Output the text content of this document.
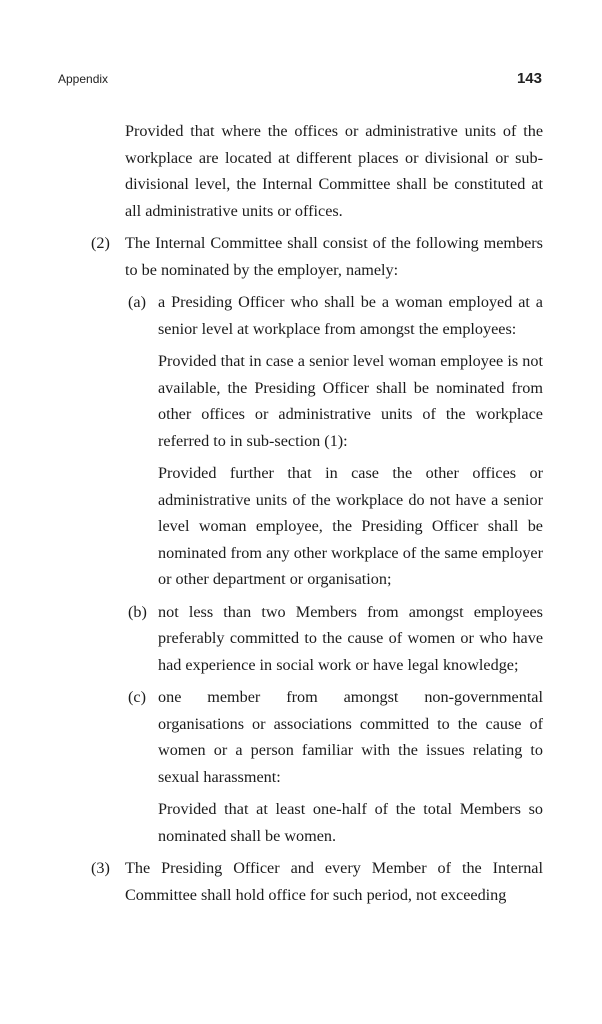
Appendix	143

Provided that where the offices or administrative units of the workplace are located at different places or divisional or sub-divisional level, the Internal Committee shall be constituted at all administrative units or offices.

(2) The Internal Committee shall consist of the following members to be nominated by the employer, namely:

(a) a Presiding Officer who shall be a woman employed at a senior level at workplace from amongst the employees:

Provided that in case a senior level woman employee is not available, the Presiding Officer shall be nominated from other offices or administrative units of the workplace referred to in sub-section (1):

Provided further that in case the other offices or administrative units of the workplace do not have a senior level woman employee, the Presiding Officer shall be nominated from any other workplace of the same employer or other department or organisation;

(b) not less than two Members from amongst employees preferably committed to the cause of women or who have had experience in social work or have legal knowledge;

(c) one member from amongst non-governmental organisations or associations committed to the cause of women or a person familiar with the issues relating to sexual harassment:

Provided that at least one-half of the total Members so nominated shall be women.

(3) The Presiding Officer and every Member of the Internal Committee shall hold office for such period, not exceeding
